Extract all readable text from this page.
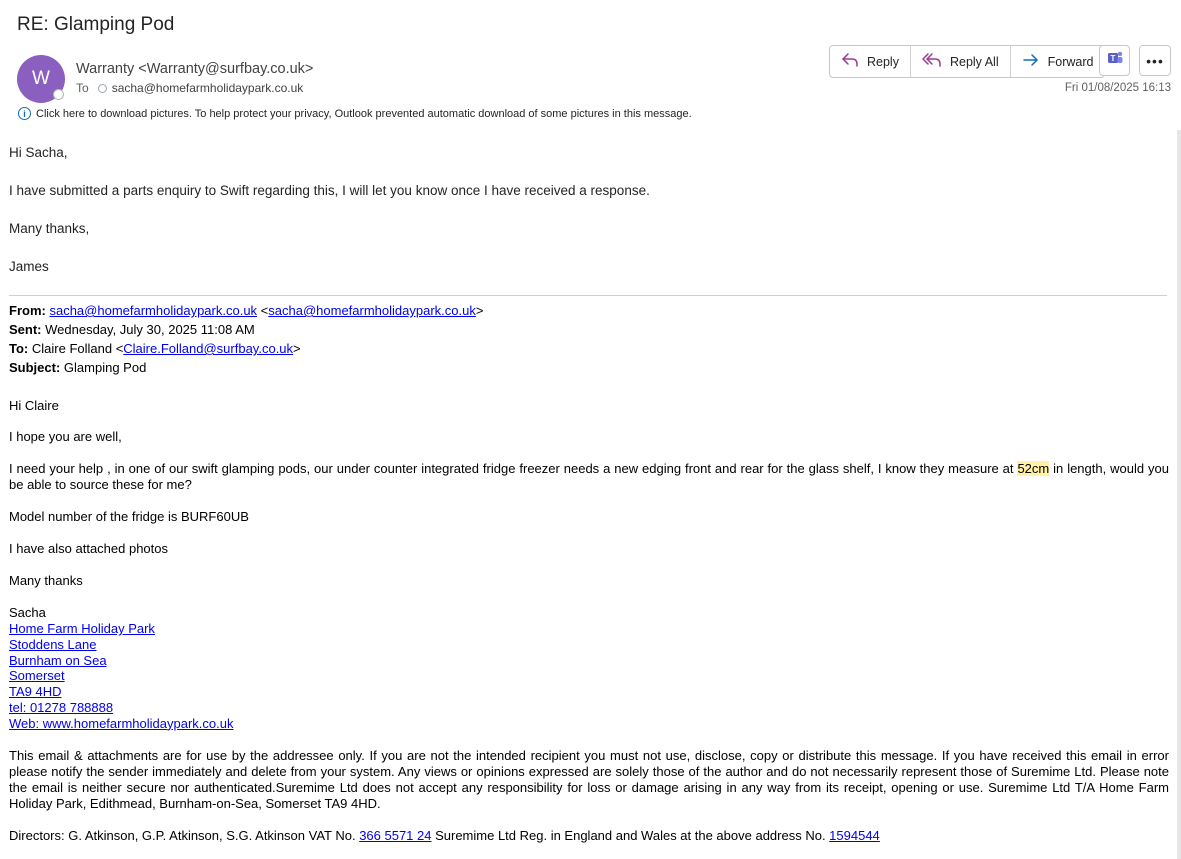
RE: Glamping Pod
W	Warranty <Warranty@surfbay.co.uk>
To sacha@homefarmholidaypark.co.uk
Reply	Reply All	Forward T •••
Fri 01/08/2025 16:13
i Click here to download pictures. To help protect your privacy, Outlook prevented automatic download of some pictures in this message.
Hi Sacha,
I have submitted a parts enquiry to Swift regarding this, I will let you know once I have received a response.
Many thanks,
James
From: sacha@homefarmholidaypark.co.uk <sacha@homefarmholidaypark.co.uk>
Sent: Wednesday, July 30, 2025 11:08 AM
To: Claire Folland <Claire.Folland@surfbay.co.uk>
Subject: Glamping Pod
Hi Claire
I hope you are well,
I need your help , in one of our swift glamping pods, our under counter integrated fridge freezer needs a new edging front and rear for the glass shelf, I know they measure at 52cm in length, would you be able to source these for me?
Model number of the fridge is BURF60UB
I have also attached photos
Many thanks
Sacha
Home Farm Holiday Park
Stoddens Lane
Burnham on Sea
Somerset
TA9 4HD
tel: 01278 788888
Web: www.homefarmholidaypark.co.uk
This email & attachments are for use by the addressee only. If you are not the intended recipient you must not use, disclose, copy or distribute this message. If you have received this email in error please notify the sender immediately and delete from your system. Any views or opinions expressed are solely those of the author and do not necessarily represent those of Suremime Ltd. Please note the email is neither secure nor authenticated.Suremime Ltd does not accept any responsibility for loss or damage arising in any way from its receipt, opening or use. Suremime Ltd T/A Home Farm Holiday Park, Edithmead, Burnham-on-Sea, Somerset TA9 4HD.
Directors: G. Atkinson, G.P. Atkinson, S.G. Atkinson VAT No. 366 5571 24 Suremime Ltd Reg. in England and Wales at the above address No. 1594544
